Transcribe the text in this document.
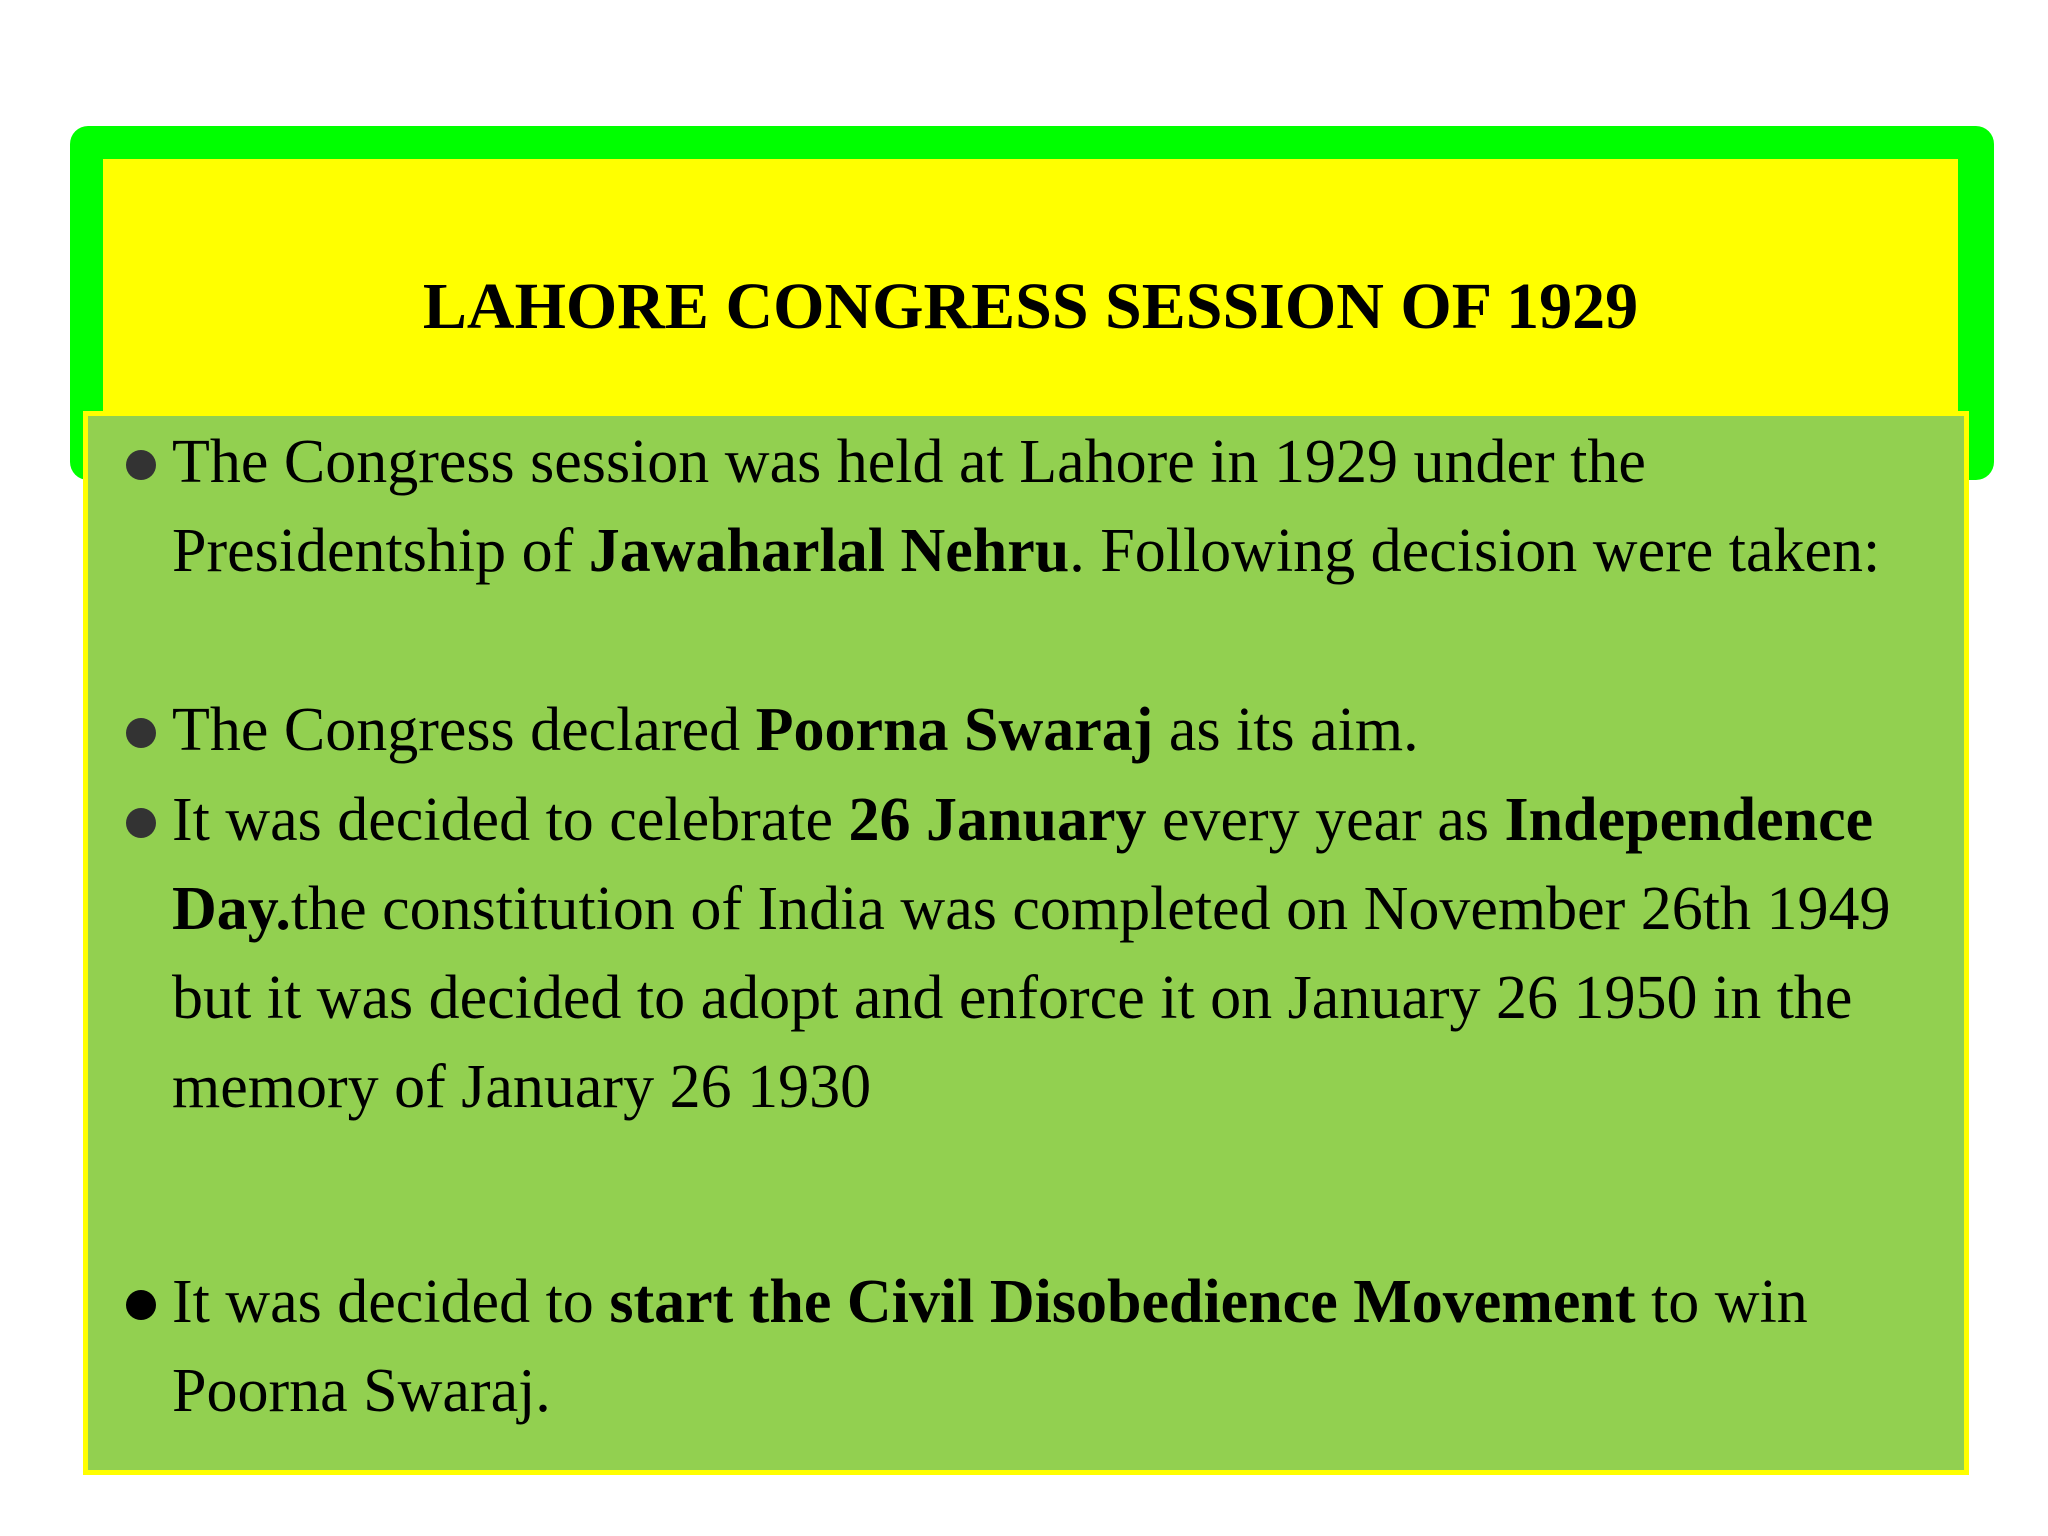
LAHORE CONGRESS SESSION OF 1929
The Congress session was held at Lahore in 1929 under the Presidentship of Jawaharlal Nehru. Following decision were taken:
The Congress declared Poorna Swaraj as its aim.
It was decided to celebrate 26 January every year as Independence Day.the constitution of India was completed on November 26th 1949 but it was decided to adopt and enforce it on January 26 1950 in the memory of January 26 1930
It was decided to start the Civil Disobedience Movement to win Poorna Swaraj.
